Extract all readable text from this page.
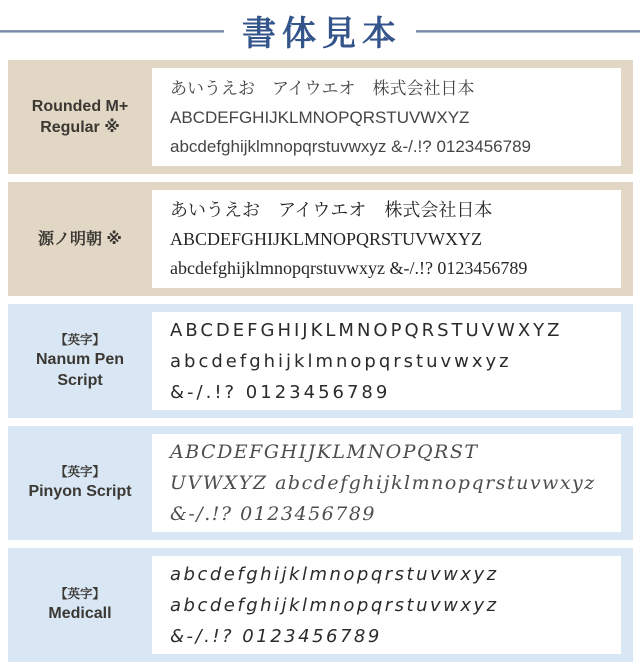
書体見本
Rounded M+
Regular ※
あいうえお　アイウエオ　株式会社日本
ABCDEFGHIJKLMNOPQRSTUVWXYZ
abcdefghijklmnopqrstuvwxyz &-/.!? 0123456789
源ノ明朝 ※
あいうえお　アイウエオ　株式会社日本
ABCDEFGHIJKLMNOPQRSTUVWXYZ
abcdefghijklmnopqrstuvwxyz &-/.!? 0123456789
【英字】
Nanum Pen
Script
ABCDEFGHIJKLMNOPQRSTUVWXYZ
abcdefghijklmnopqrstuvwxyz
&-/.!? 0123456789
【英字】
Pinyon Script
ABCDEFGHIJKLMNOPQRST
UVWXYZ abcdefghijklmnopqrstuvwxyz
&-/.!? 0123456789
【英字】
Medicall
abcdefghijklmnopqrstuvwxyz
abcdefghijklmnopqrstuvwxyz
&-/.!? 0123456789
